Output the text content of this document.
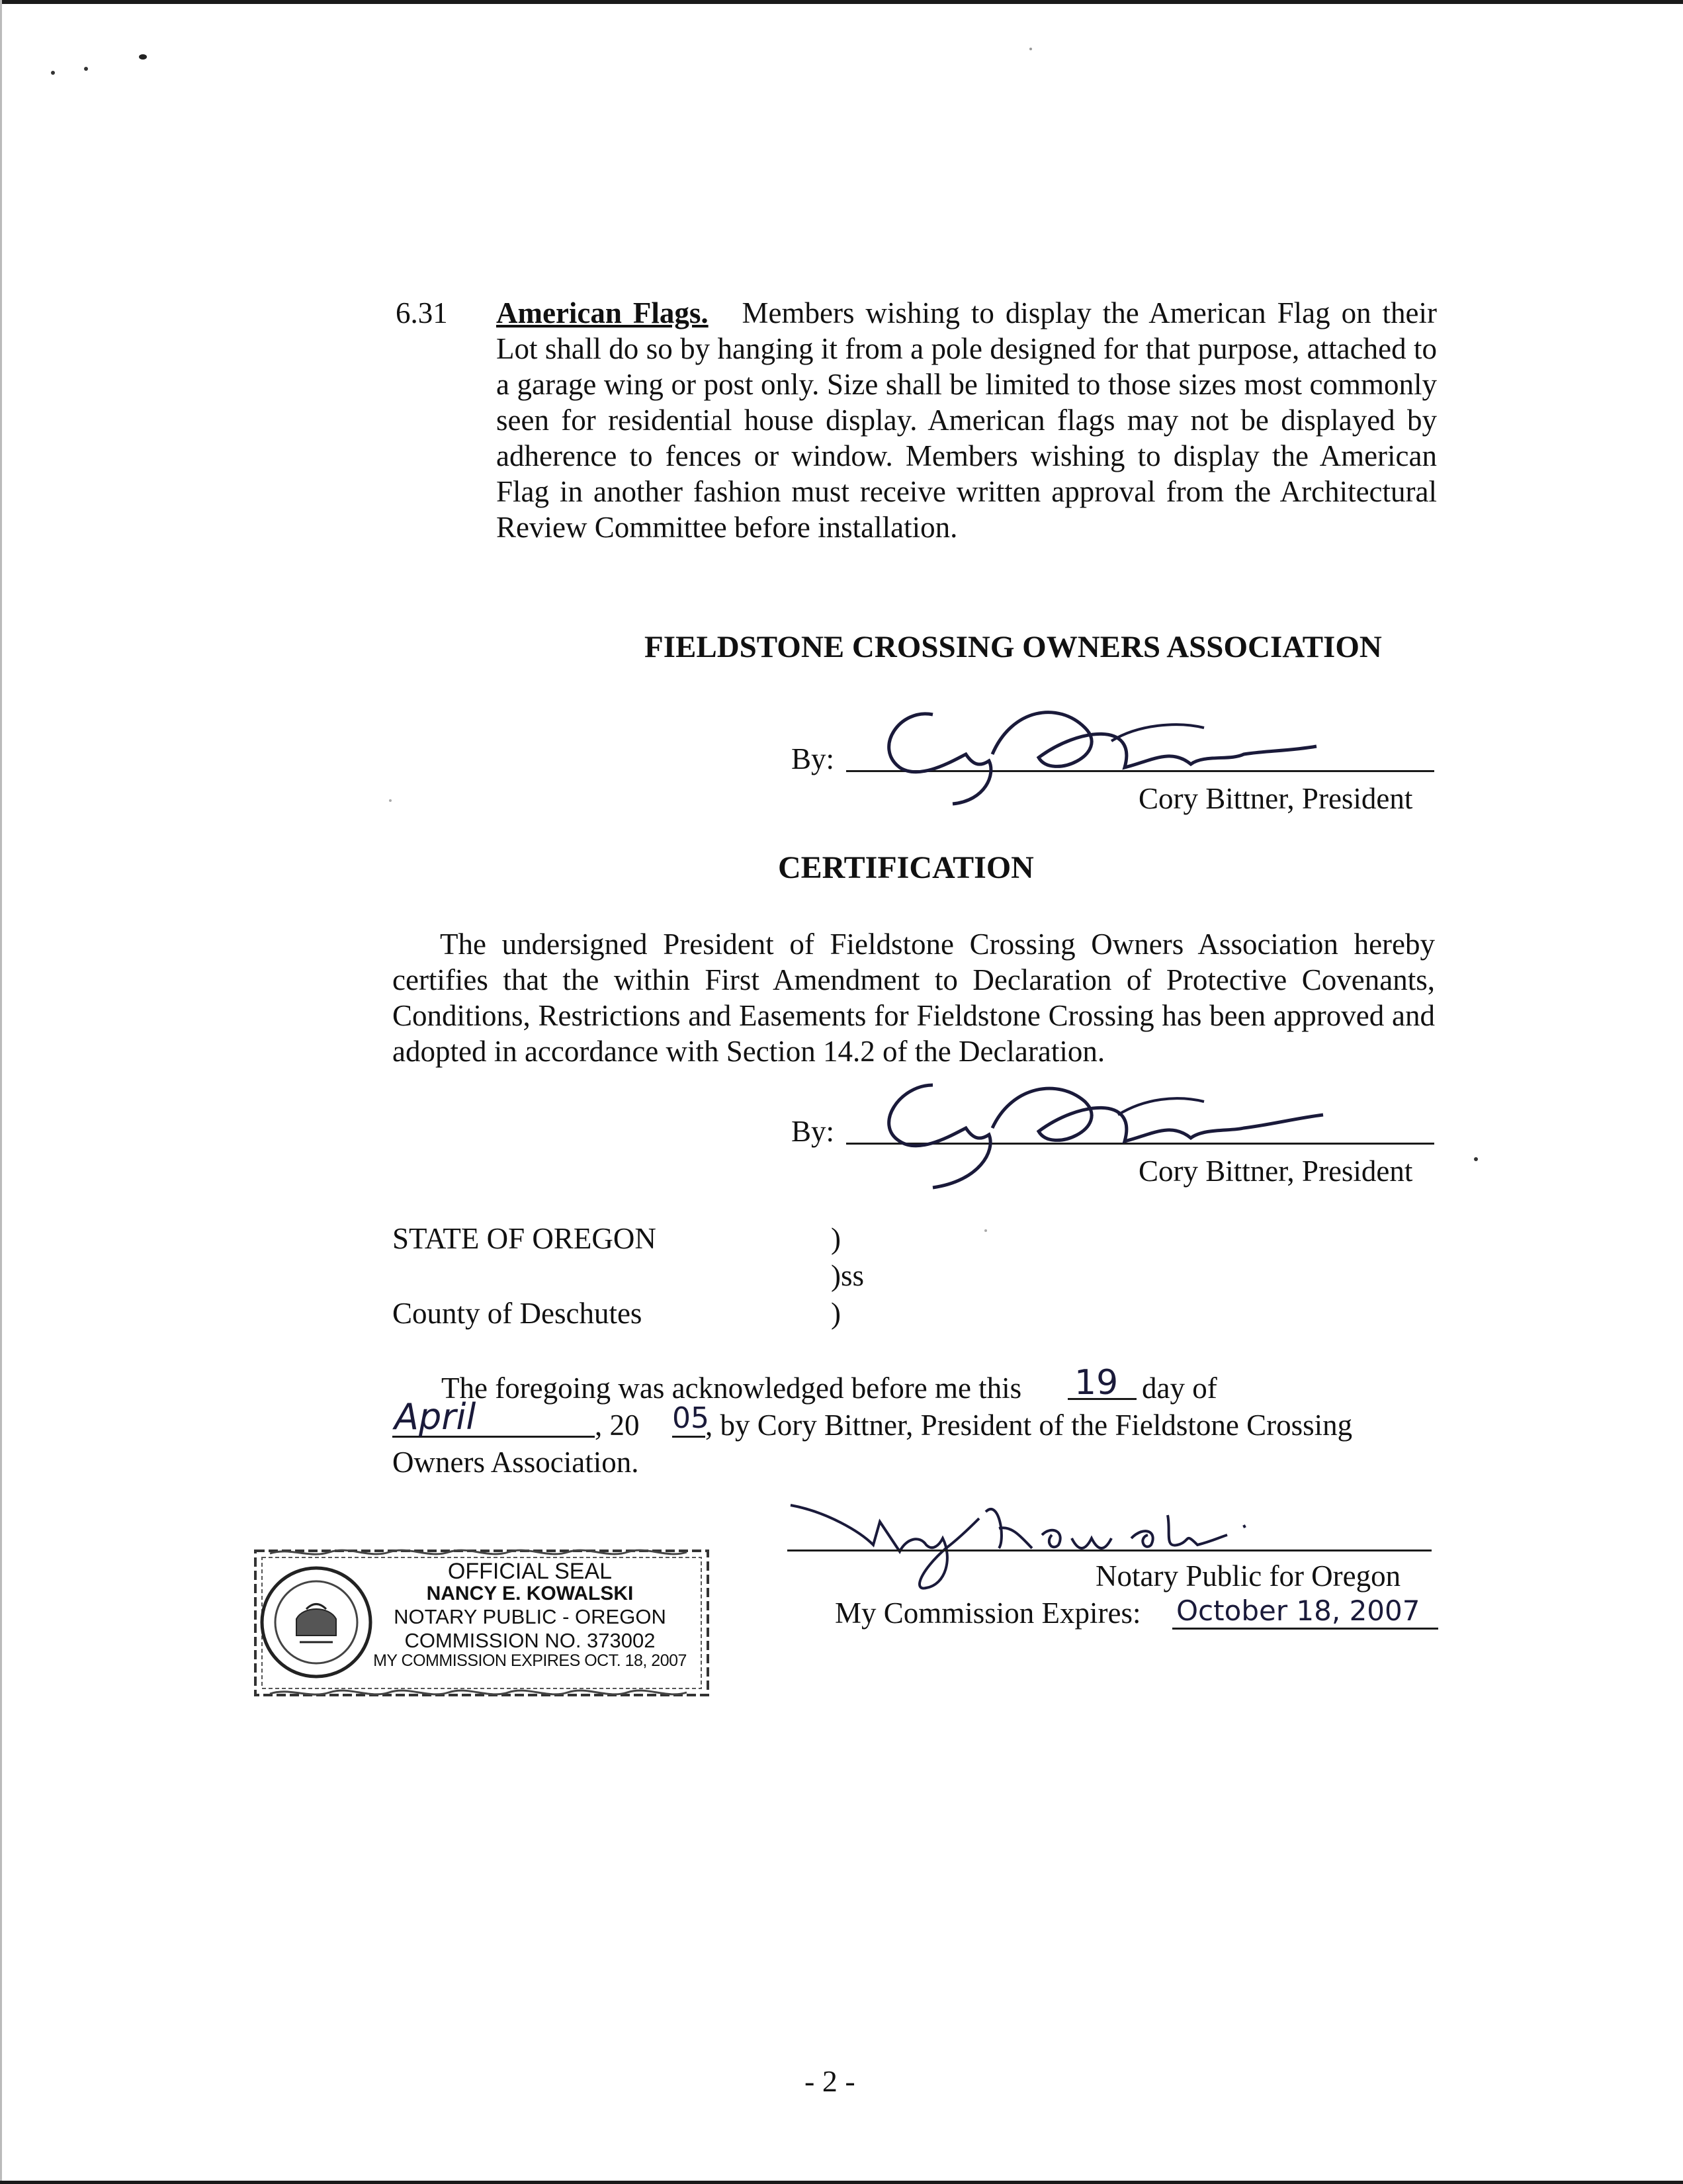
6.31 American Flags. Members wishing to display the American Flag on their Lot shall do so by hanging it from a pole designed for that purpose, attached to a garage wing or post only. Size shall be limited to those sizes most commonly seen for residential house display. American flags may not be displayed by adherence to fences or window. Members wishing to display the American Flag in another fashion must receive written approval from the Architectural Review Committee before installation.
FIELDSTONE CROSSING OWNERS ASSOCIATION
By:
Cory Bittner, President
CERTIFICATION
The undersigned President of Fieldstone Crossing Owners Association hereby certifies that the within First Amendment to Declaration of Protective Covenants, Conditions, Restrictions and Easements for Fieldstone Crossing has been approved and adopted in accordance with Section 14.2 of the Declaration.
By:
Cory Bittner, President
STATE OF OREGON	)
)ss
County of Deschutes	)
The foregoing was acknowledged before me this 19 day of
April	, 20 05
, by Cory Bittner, President of the Fieldstone Crossing
Owners Association.
Notary Public for Oregon
My Commission Expires: October 18, 2007
OFFICIAL SEAL
NANCY E. KOWALSKI
NOTARY PUBLIC - OREGON
COMMISSION NO. 373002
MY COMMISSION EXPIRES OCT. 18, 2007
- 2 -
